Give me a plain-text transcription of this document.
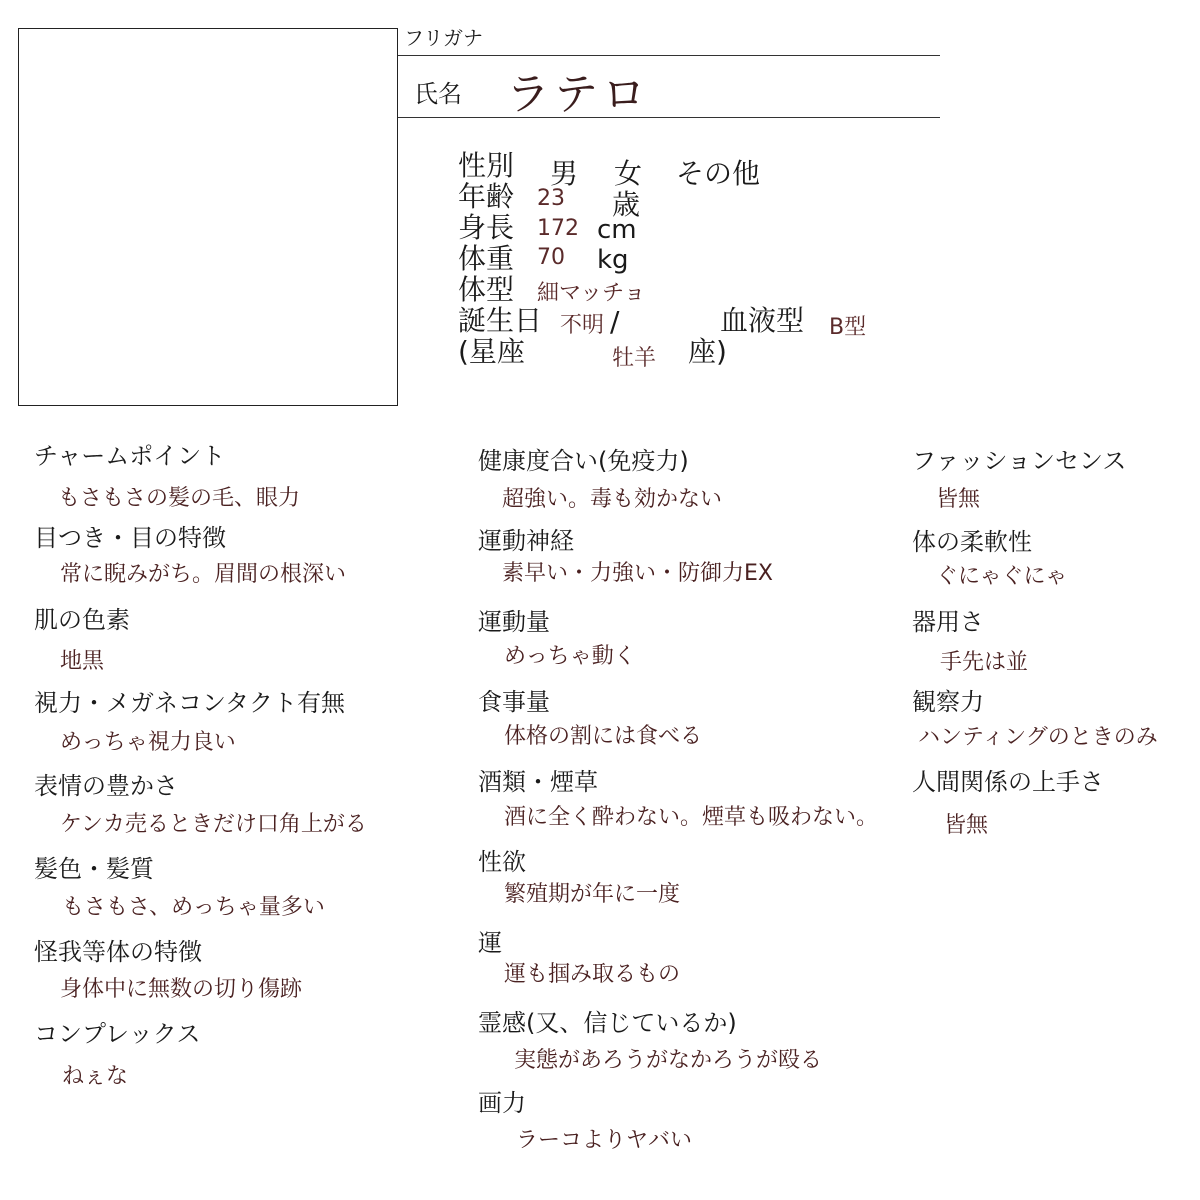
フリガナ
氏名 ラテロ
性別 男 女 その他
年齢 23 歳
身長 172 cm
体重 70 kg
体型 細マッチョ
誕生日 不明 /	血液型 B型
(星座	牡羊 座)
チャームポイント
もさもさの髪の毛、眼力
目つき・目の特徴
常に睨みがち。眉間の根深い
肌の色素
地黒
視力・メガネコンタクト有無
めっちゃ視力良い
表情の豊かさ
ケンカ売るときだけ口角上がる
髪色・髪質
もさもさ、めっちゃ量多い
怪我等体の特徴
身体中に無数の切り傷跡
コンプレックス
ねぇな
健康度合い(免疫力)
超強い。毒も効かない
運動神経
素早い・力強い・防御力EX
運動量
めっちゃ動く
食事量
体格の割には食べる
酒類・煙草
酒に全く酔わない。煙草も吸わない。
性欲
繁殖期が年に一度
運
運も掴み取るもの
霊感(又、信じているか)
実態があろうがなかろうが殴る
画力
ラーコよりヤバい
ファッションセンス
皆無
体の柔軟性
ぐにゃぐにゃ
器用さ
手先は並
観察力
ハンティングのときのみ
人間関係の上手さ
皆無
